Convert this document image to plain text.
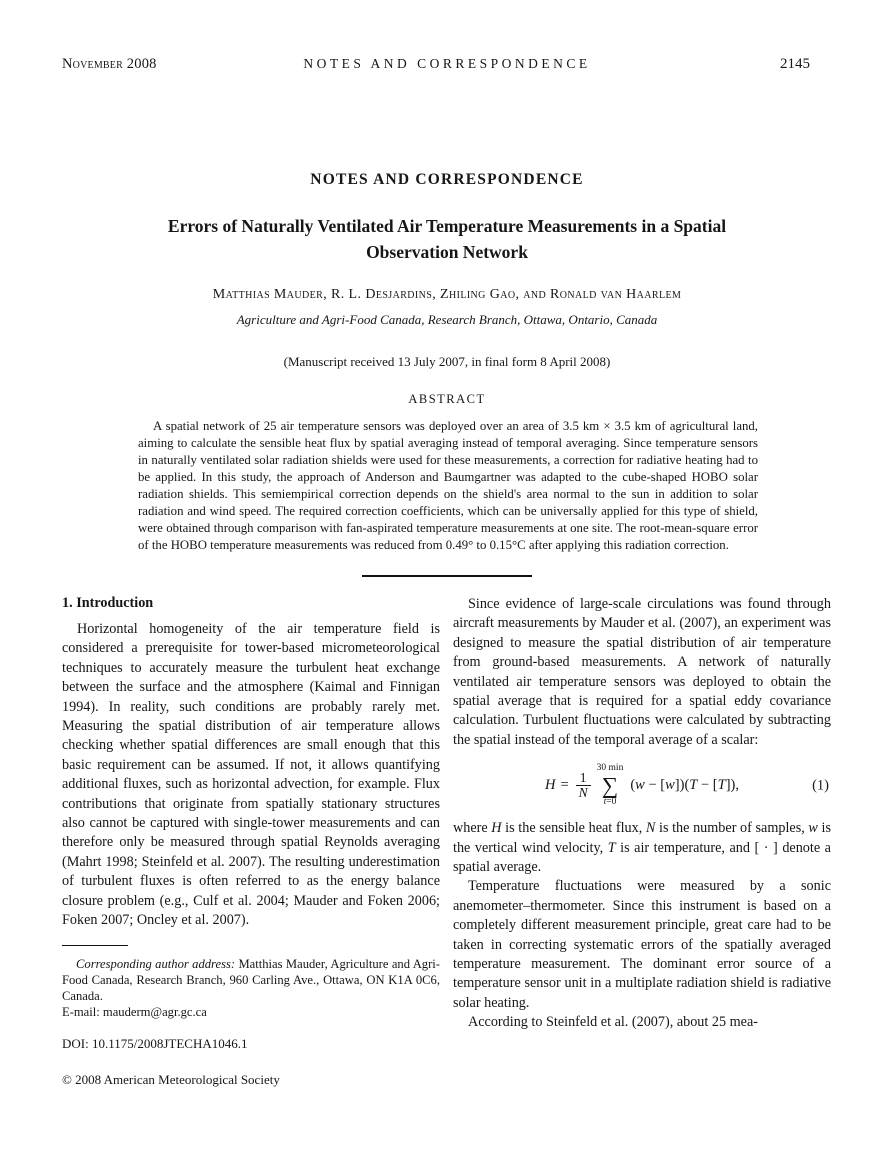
November 2008	NOTES AND CORRESPONDENCE	2145
NOTES AND CORRESPONDENCE
Errors of Naturally Ventilated Air Temperature Measurements in a Spatial Observation Network
Matthias Mauder, R. L. Desjardins, Zhiling Gao, and Ronald van Haarlem
Agriculture and Agri-Food Canada, Research Branch, Ottawa, Ontario, Canada
(Manuscript received 13 July 2007, in final form 8 April 2008)
ABSTRACT

A spatial network of 25 air temperature sensors was deployed over an area of 3.5 km × 3.5 km of agricultural land, aiming to calculate the sensible heat flux by spatial averaging instead of temporal averaging. Since temperature sensors in naturally ventilated solar radiation shields were used for these measurements, a correction for radiative heating had to be applied. In this study, the approach of Anderson and Baumgartner was adapted to the cube-shaped HOBO solar radiation shields. This semiempirical correction depends on the shield's area normal to the sun in addition to solar radiation and wind speed. The required correction coefficients, which can be universally applied for this type of shield, were obtained through comparison with fan-aspirated temperature measurements at one site. The root-mean-square error of the HOBO temperature measurements was reduced from 0.49° to 0.15°C after applying this radiation correction.

1. Introduction

Horizontal homogeneity of the air temperature field is considered a prerequisite for tower-based micrometeorological techniques to accurately measure the turbulent heat exchange between the surface and the atmosphere (Kaimal and Finnigan 1994). In reality, such conditions are probably rarely met. Measuring the spatial distribution of air temperature allows checking whether spatial differences are small enough that this basic requirement can be assumed. If not, it allows quantifying additional fluxes, such as horizontal advection, for example. Flux contributions that originate from spatially stationary structures also cannot be captured with single-tower measurements and can therefore only be measured through spatial Reynolds averaging (Mahrt 1998; Steinfeld et al. 2007). The resulting underestimation of turbulent fluxes is often referred to as the energy balance closure problem (e.g., Culf et al. 2004; Mauder and Foken 2006; Foken 2007; Oncley et al. 2007).

Corresponding author address: Matthias Mauder, Agriculture and Agri-Food Canada, Research Branch, 960 Carling Ave., Ottawa, ON K1A 0C6, Canada.

E-mail: mauderm@agr.gc.ca

DOI: 10.1175/2008JTECHA1046.1
© 2008 American Meteorological Society

Since evidence of large-scale circulations was found through aircraft measurements by Mauder et al. (2007), an experiment was designed to measure the spatial distribution of air temperature from ground-based measurements. A network of naturally ventilated air temperature sensors was deployed to obtain the spatial average that is required for a spatial eddy covariance calculation. Turbulent fluctuations were calculated by subtracting the spatial instead of the temporal average of a scalar:

$H = \frac{1}{N}$
30 min
∑
t=0
(w − [w])(T − [T]),	(1)

where H is the sensible heat flux, N is the number of samples, w is the vertical wind velocity, T is air temperature, and [ · ] denote a spatial average.

Temperature fluctuations were measured by a sonic anemometer–thermometer. Since this instrument is based on a completely different measurement principle, great care had to be taken in correcting systematic errors of the spatially averaged temperature measurement. The dominant error source of a temperature sensor unit in a multiplate radiation shield is radiative solar heating.

According to Steinfeld et al. (2007), about 25 mea-
